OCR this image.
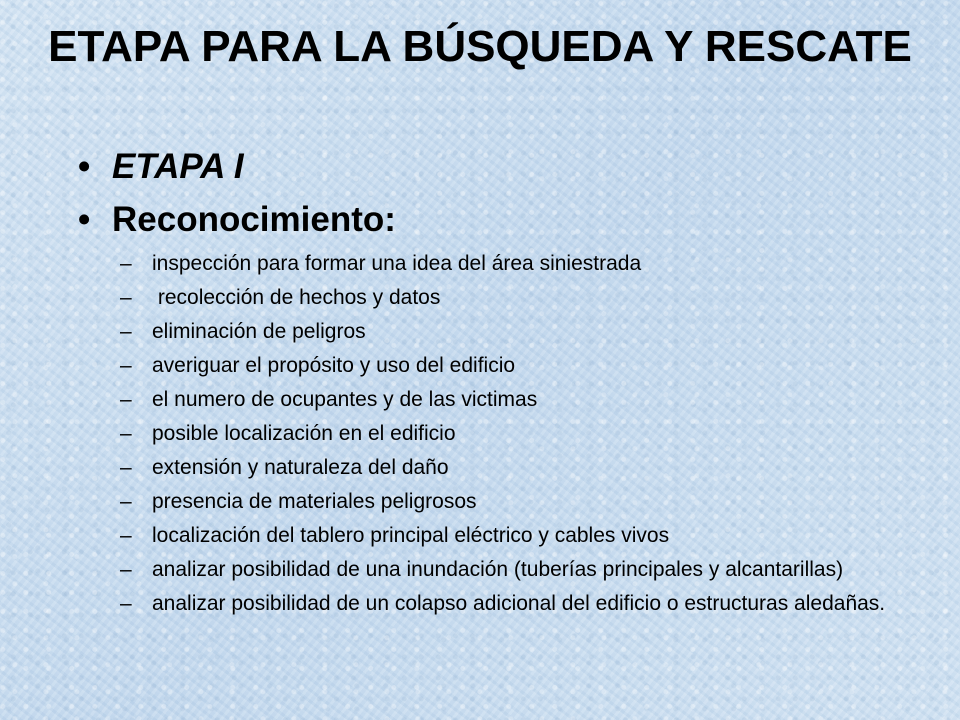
ETAPA PARA LA BÚSQUEDA Y RESCATE
• ETAPA I
• Reconocimiento:
– inspección para formar una idea del área siniestrada
– recolección de hechos y datos
– eliminación de peligros
– averiguar el propósito y uso del edificio
– el numero de ocupantes y de las victimas
– posible localización en el edificio
– extensión y naturaleza del daño
– presencia de materiales peligrosos
– localización del tablero principal eléctrico y cables vivos
– analizar posibilidad de una inundación (tuberías principales y alcantarillas)
– analizar posibilidad de un colapso adicional del edificio o estructuras aledañas.
